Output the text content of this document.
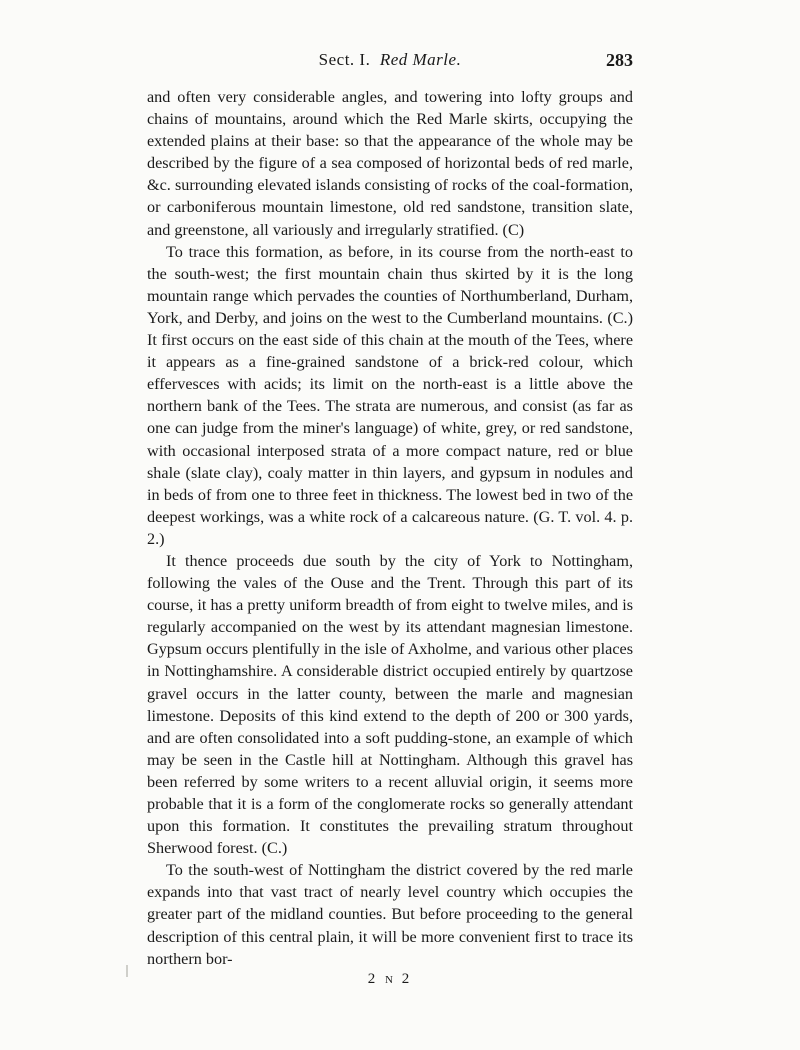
Sect. I. Red Marle.	283

and often very considerable angles, and towering into lofty groups and chains of mountains, around which the Red Marle skirts, occupying the extended plains at their base: so that the appearance of the whole may be described by the figure of a sea composed of horizontal beds of red marle, &c. surrounding elevated islands consisting of rocks of the coal-formation, or carboniferous mountain limestone, old red sandstone, transition slate, and greenstone, all variously and irregularly stratified. (C)

To trace this formation, as before, in its course from the north-east to the south-west; the first mountain chain thus skirted by it is the long mountain range which pervades the counties of Northumberland, Durham, York, and Derby, and joins on the west to the Cumberland mountains. (C.) It first occurs on the east side of this chain at the mouth of the Tees, where it appears as a fine-grained sandstone of a brick-red colour, which effervesces with acids; its limit on the north-east is a little above the northern bank of the Tees. The strata are numerous, and consist (as far as one can judge from the miner's language) of white, grey, or red sandstone, with occasional interposed strata of a more compact nature, red or blue shale (slate clay), coaly matter in thin layers, and gypsum in nodules and in beds of from one to three feet in thickness. The lowest bed in two of the deepest workings, was a white rock of a calcareous nature. (G. T. vol. 4. p. 2.)

It thence proceeds due south by the city of York to Nottingham, following the vales of the Ouse and the Trent. Through this part of its course, it has a pretty uniform breadth of from eight to twelve miles, and is regularly accompanied on the west by its attendant magnesian limestone. Gypsum occurs plentifully in the isle of Axholme, and various other places in Nottinghamshire. A considerable district occupied entirely by quartzose gravel occurs in the latter county, between the marle and magnesian limestone. Deposits of this kind extend to the depth of 200 or 300 yards, and are often consolidated into a soft pudding-stone, an example of which may be seen in the Castle hill at Nottingham. Although this gravel has been referred by some writers to a recent alluvial origin, it seems more probable that it is a form of the conglomerate rocks so generally attendant upon this formation. It constitutes the prevailing stratum throughout Sherwood forest. (C.)

To the south-west of Nottingham the district covered by the red marle expands into that vast tract of nearly level country which occupies the greater part of the midland counties. But before proceeding to the general description of this central plain, it will be more convenient first to trace its northern bor-

2 N 2
